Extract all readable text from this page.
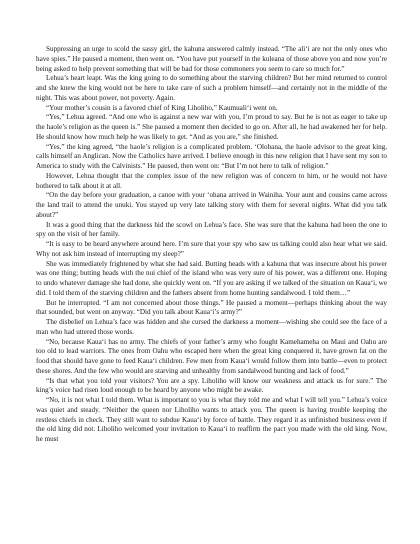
Suppressing an urge to scold the sassy girl, the kahuna answered calmly instead. “The ali‘i are not the only ones who have spies.” He paused a moment, then went on. “You have put yourself in the kuleana of those above you and now you’re being asked to help prevent something that will be bad for those commoners you seem to care so much for.”

Lehua’s heart leapt. Was the king going to do something about the starving children? But her mind returned to control and she knew the king would not be here to take care of such a problem himself—and certainly not in the middle of the night. This was about power, not poverty. Again.

“Your mother’s cousin is a favored chief of King Liholiho,” Kaumuali‘i went on.

“Yes,” Lehua agreed. “And one who is against a new war with you, I’m proud to say. But he is not as eager to take up the haole’s religion as the queen is.” She paused a moment then decided to go on. After all, he had awakened her for help. He should know how much help he was likely to get. “And as you are,” she finished.

“Yes,” the king agreed, “the haole’s religion is a complicated problem. ‘Olobana, the haole advisor to the great king, calls himself an Anglican. Now the Catholics have arrived. I believe enough in this new religion that I have sent my son to America to study with the Calvinists.” He paused, then went on: “But I’m not here to talk of religion.”

However, Lehua thought that the complex issue of the new religion was of concern to him, or he would not have bothered to talk about it at all.

“On the day before your graduation, a canoe with your ‘ohana arrived in Wainiha. Your aunt and cousins came across the land trail to attend the unuki. You stayed up very late talking story with them for several nights. What did you talk about?”

It was a good thing that the darkness hid the scowl on Lehua’s face. She was sure that the kahuna had been the one to spy on the visit of her family.

“It is easy to be heard anywhere around here. I’m sure that your spy who saw us talking could also hear what we said. Why not ask him instead of interrupting my sleep?”

She was immediately frightened by what she had said. Butting heads with a kahuna that was insecure about his power was one thing; butting heads with the nui chief of the island who was very sure of his power, was a different one. Hoping to undo whatever damage she had done, she quickly went on. “If you are asking if we talked of the situation on Kaua‘i, we did. I told them of the starving children and the fathers absent from home hunting sandalwood. I told them…”

But he interrupted. “I am not concerned about those things.” He paused a moment—perhaps thinking about the way that sounded, but went on anyway. “Did you talk about Kaua‘i’s army?”

The disbelief on Lehua’s face was hidden and she cursed the darkness a moment—wishing she could see the face of a man who had uttered those words.

“No, because Kaua‘i has no army. The chiefs of your father’s army who fought Kamehameha on Maui and Oahu are too old to lead warriors. The ones from Oahu who escaped here when the great king conquered it, have grown fat on the food that should have gone to feed Kaua‘i children. Few men from Kaua‘i would follow them into battle—even to protect these shores. And the few who would are starving and unhealthy from sandalwood hunting and lack of food.”

“Is that what you told your visitors? You are a spy. Liholiho will know our weakness and attack us for sure.” The king’s voice had risen loud enough to be heard by anyone who might be awake.

“No, it is not what I told them. What is important to you is what they told me and what I will tell you.” Lehua’s voice was quiet and steady. “Neither the queen nor Liholiho wants to attack you. The queen is having trouble keeping the restless chiefs in check. They still want to subdue Kaua‘i by force of battle. They regard it as unfinished business even if the old king did not. Liholiho welcomed your invitation to Kaua‘i to reaffirm the pact you made with the old king. Now, he must
